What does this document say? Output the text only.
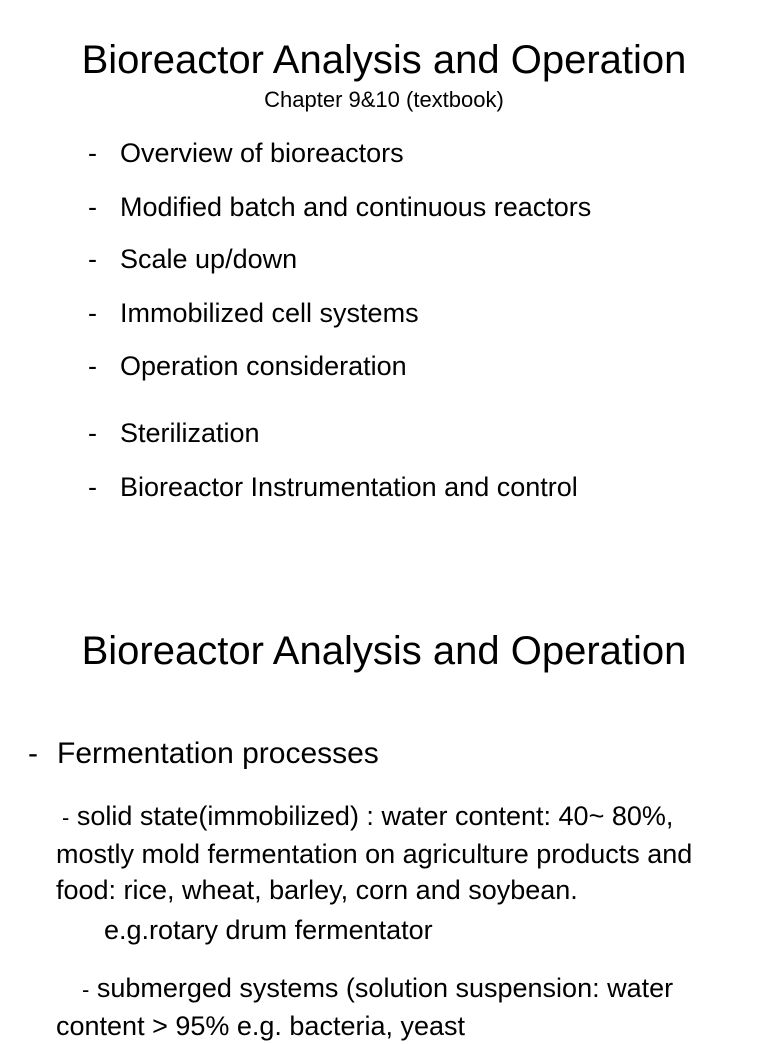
Bioreactor Analysis and Operation
Chapter 9&10 (textbook)
- Overview of bioreactors
- Modified batch and continuous reactors
- Scale up/down
- Immobilized cell systems
- Operation consideration
- Sterilization
- Bioreactor Instrumentation and control
Bioreactor Analysis and Operation
- Fermentation processes
- solid state(immobilized) : water content: 40~ 80%, mostly mold fermentation on agriculture products and food: rice, wheat, barley, corn and soybean.
e.g.rotary drum fermentator
- submerged systems (solution suspension: water content > 95% e.g. bacteria, yeast
